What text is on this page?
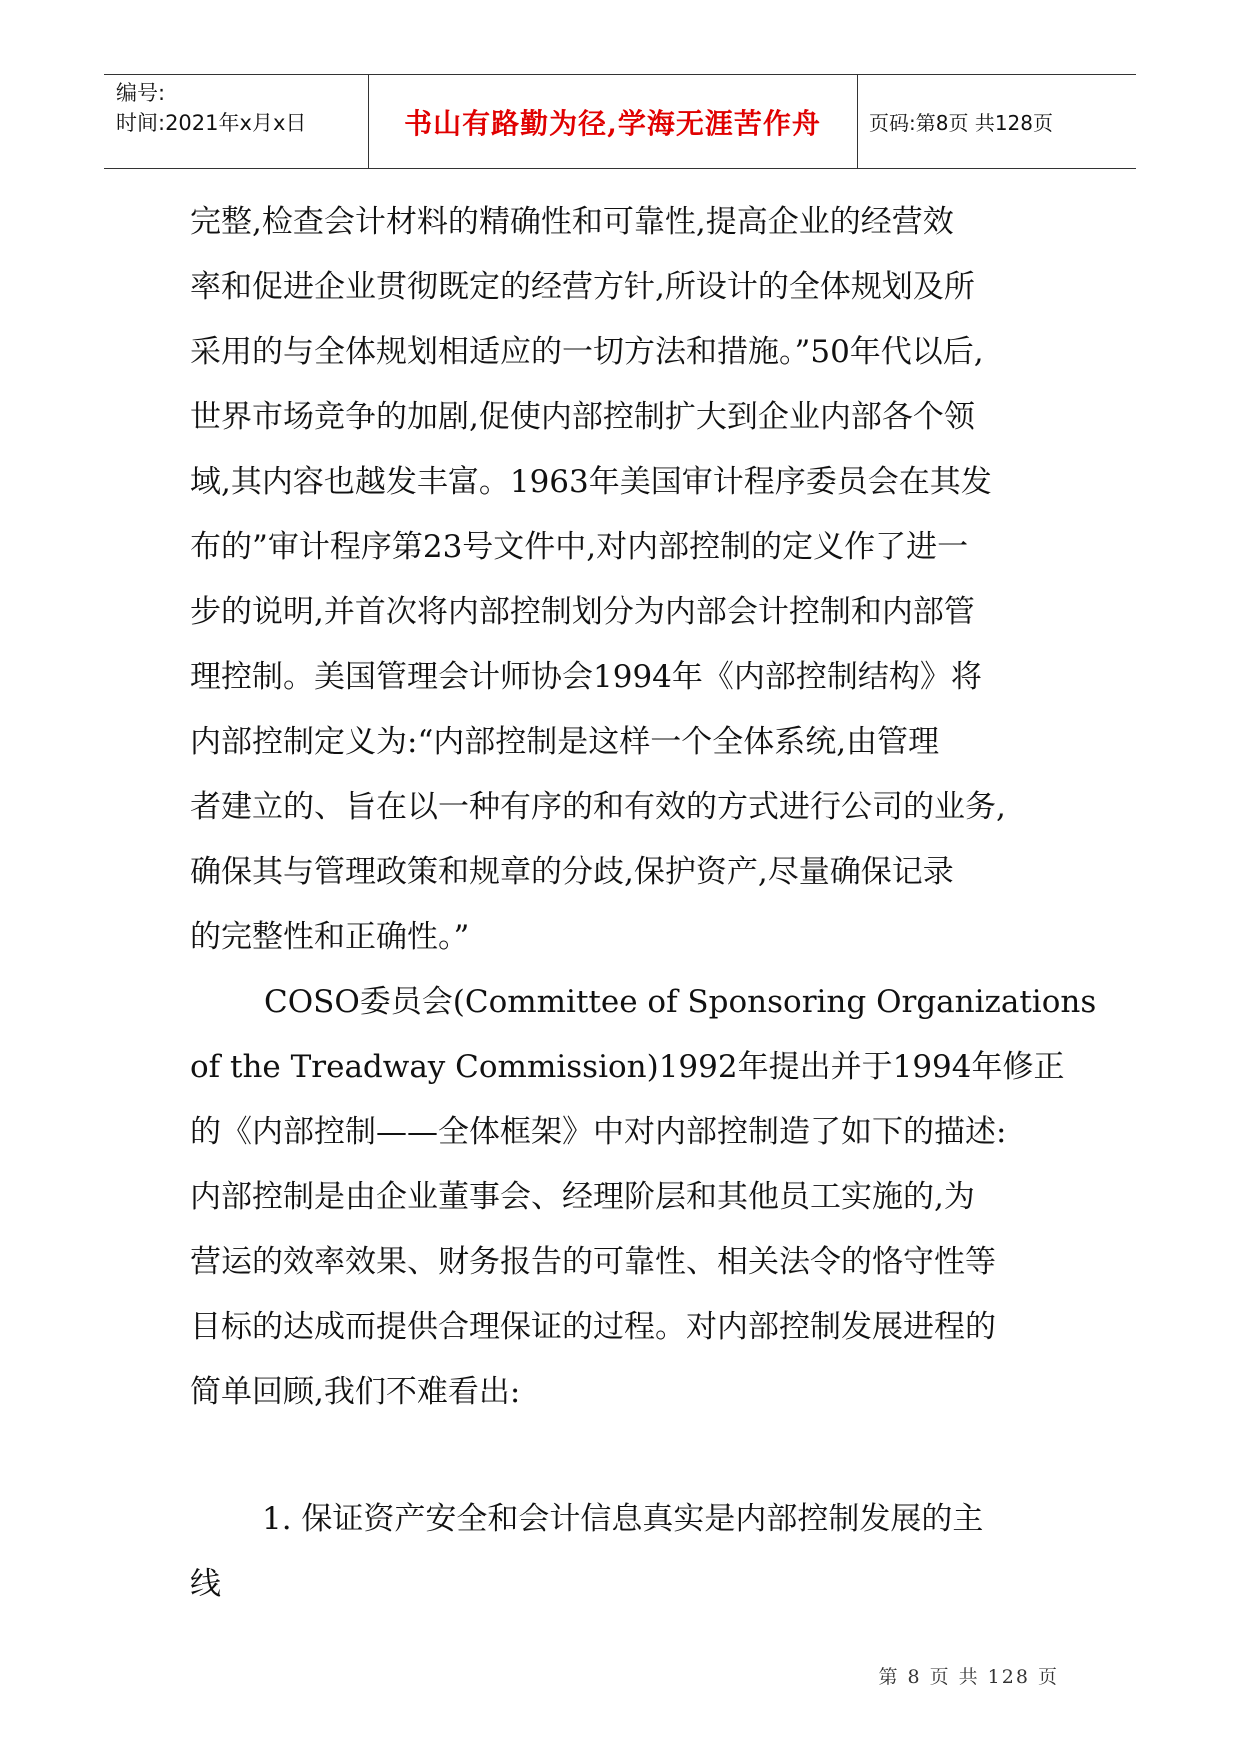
编号:
时间:2021年x月x日	书山有路勤为径,学海无涯苦作舟	页码:第8页 共128页
完整,检查会计材料的精确性和可靠性,提高企业的经营效
率和促进企业贯彻既定的经营方针,所设计的全体规划及所
采用的与全体规划相适应的一切方法和措施。”50年代以后,
世界市场竞争的加剧,促使内部控制扩大到企业内部各个领
域,其内容也越发丰富。1963年美国审计程序委员会在其发
布的”审计程序第23号文件中,对内部控制的定义作了进一
步的说明,并首次将内部控制划分为内部会计控制和内部管
理控制。美国管理会计师协会1994年《内部控制结构》将
内部控制定义为:“内部控制是这样一个全体系统,由管理
者建立的、旨在以一种有序的和有效的方式进行公司的业务,
确保其与管理政策和规章的分歧,保护资产,尽量确保记录
的完整性和正确性。”
COSO委员会(Committee of Sponsoring Organizations
of the Treadway Commission)1992年提出并于1994年修正
的《内部控制——全体框架》中对内部控制造了如下的描述:
内部控制是由企业董事会、经理阶层和其他员工实施的,为
营运的效率效果、财务报告的可靠性、相关法令的恪守性等
目标的达成而提供合理保证的过程。对内部控制发展进程的
简单回顾,我们不难看出:
1. 保证资产安全和会计信息真实是内部控制发展的主
线
第 8 页 共 128 页
